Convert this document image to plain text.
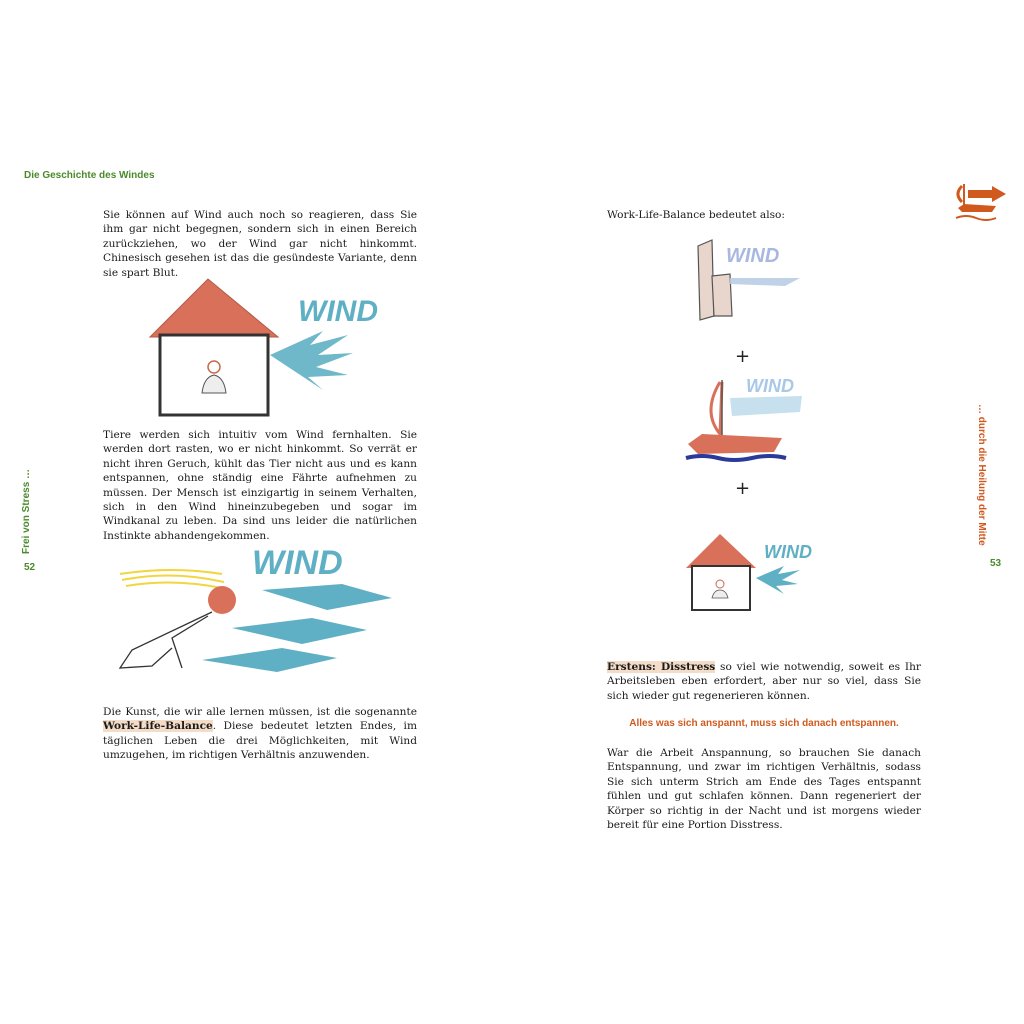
Die Geschichte des Windes

Sie können auf Wind auch noch so reagieren, dass Sie ihm gar nicht begegnen, sondern sich in einen Bereich zurückziehen, wo der Wind gar nicht hinkommt. Chinesisch gesehen ist das die gesündeste Variante, denn sie spart Blut.

WIND

Tiere werden sich intuitiv vom Wind fernhalten. Sie werden dort rasten, wo er nicht hinkommt. So verrät er nicht ihren Geruch, kühlt das Tier nicht aus und es kann entspannen, ohne ständig eine Fährte aufnehmen zu müssen. Der Mensch ist einzigartig in seinem Verhalten, sich in den Wind hineinzubegeben und sogar im Windkanal zu leben. Da sind uns leider die natürlichen Instinkte abhandengekommen.

WIND

Die Kunst, die wir alle lernen müssen, ist die sogenannte Work-Life-Balance. Diese bedeutet letzten Endes, im täglichen Leben die drei Möglichkeiten, mit Wind umzugehen, im richtigen Verhältnis anzuwenden.

Frei von Stress …
52

Work-Life-Balance bedeutet also:

WIND
+
WIND
+
WIND

Erstens: Disstress so viel wie notwendig, soweit es Ihr Arbeitsleben eben erfordert, aber nur so viel, dass Sie sich wieder gut regenerieren können.

Alles was sich anspannt, muss sich danach entspannen.

War die Arbeit Anspannung, so brauchen Sie danach Entspannung, und zwar im richtigen Verhältnis, sodass Sie sich unterm Strich am Ende des Tages entspannt fühlen und gut schlafen können. Dann regeneriert der Körper so richtig in der Nacht und ist morgens wieder bereit für eine Portion Disstress.

… durch die Heilung der Mitte
53
